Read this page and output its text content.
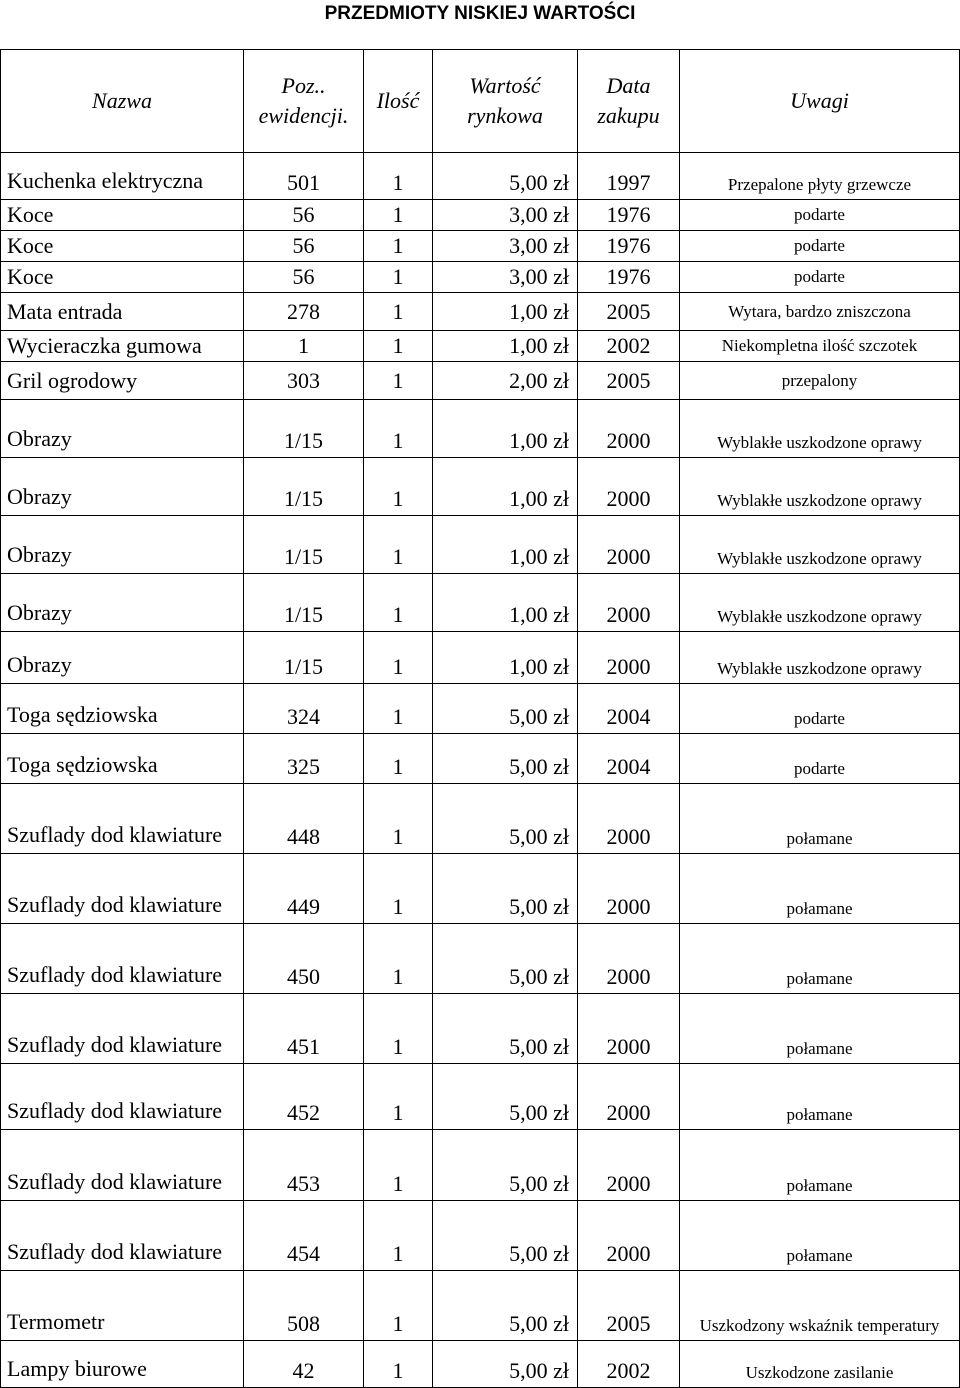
PRZEDMIOTY NISKIEJ WARTOŚCI
Nazwa	Poz.. ewidencji.	Ilość	Wartość rynkowa	Data zakupu	Uwagi
Kuchenka elektryczna	501	1	5,00 zł	1997	Przepalone płyty grzewcze
Koce	56	1	3,00 zł	1976	podarte
Koce	56	1	3,00 zł	1976	podarte
Koce	56	1	3,00 zł	1976	podarte
Mata entrada	278	1	1,00 zł	2005	Wytara, bardzo zniszczona
Wycieraczka gumowa	1	1	1,00 zł	2002	Niekompletna ilość szczotek
Gril ogrodowy	303	1	2,00 zł	2005	przepalony
Obrazy	1/15	1	1,00 zł	2000	Wyblakłe uszkodzone oprawy
Obrazy	1/15	1	1,00 zł	2000	Wyblakłe uszkodzone oprawy
Obrazy	1/15	1	1,00 zł	2000	Wyblakłe uszkodzone oprawy
Obrazy	1/15	1	1,00 zł	2000	Wyblakłe uszkodzone oprawy
Obrazy	1/15	1	1,00 zł	2000	Wyblakłe uszkodzone oprawy
Toga sędziowska	324	1	5,00 zł	2004	podarte
Toga sędziowska	325	1	5,00 zł	2004	podarte
Szuflady dod klawiature	448	1	5,00 zł	2000	połamane
Szuflady dod klawiature	449	1	5,00 zł	2000	połamane
Szuflady dod klawiature	450	1	5,00 zł	2000	połamane
Szuflady dod klawiature	451	1	5,00 zł	2000	połamane
Szuflady dod klawiature	452	1	5,00 zł	2000	połamane
Szuflady dod klawiature	453	1	5,00 zł	2000	połamane
Szuflady dod klawiature	454	1	5,00 zł	2000	połamane
Termometr	508	1	5,00 zł	2005	Uszkodzony wskaźnik temperatury
Lampy biurowe	42	1	5,00 zł	2002	Uszkodzone zasilanie
